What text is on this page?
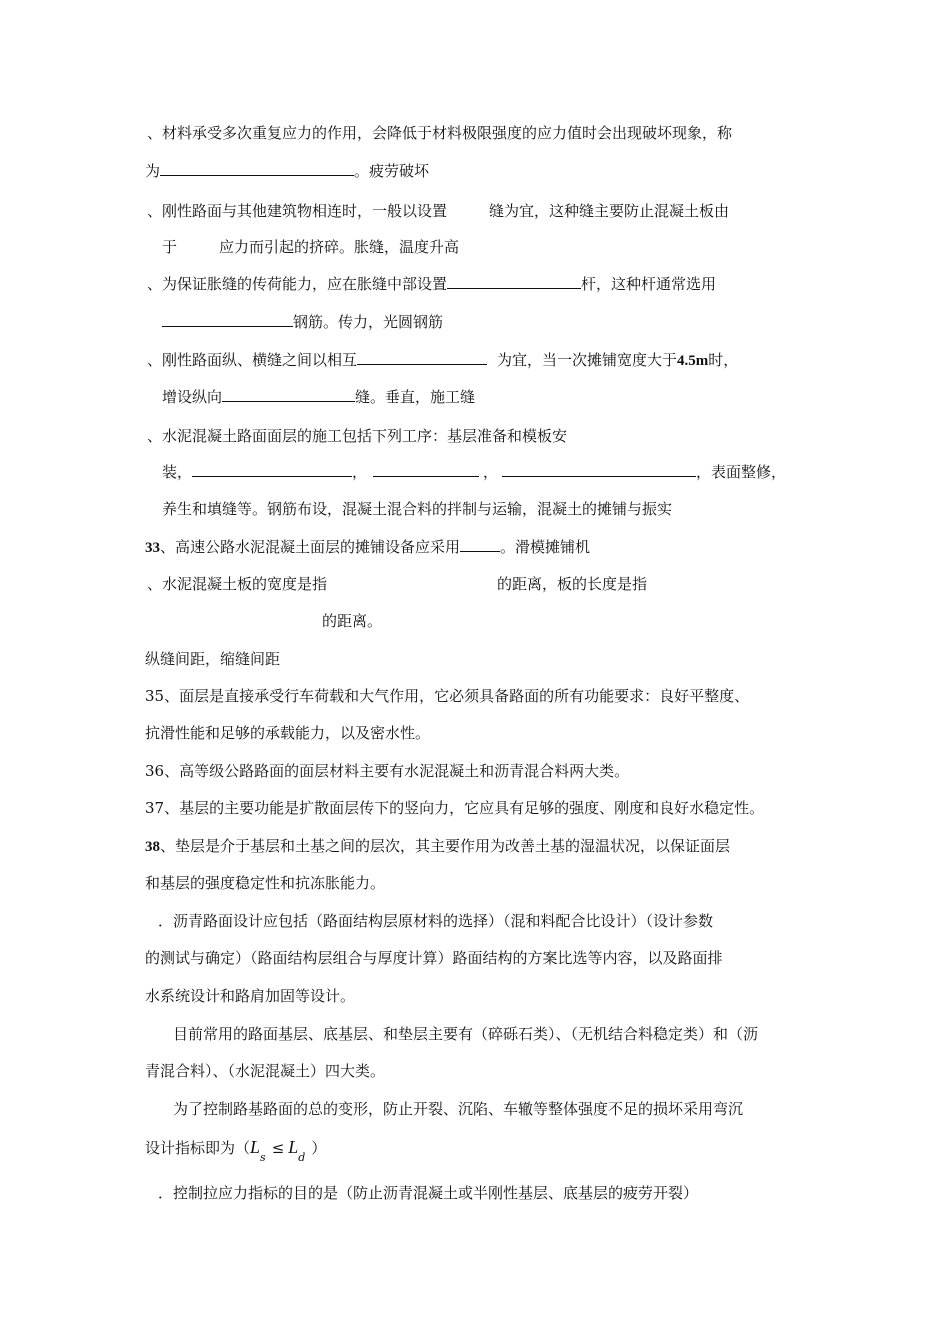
、材料承受多次重复应力的作用，会降低于材料极限强度的应力值时会出现破坏现象，称
为	。疲劳破坏
、刚性路面与其他建筑物相连时，一般以设置	缝为宜，这种缝主要防止混凝土板由
于	应力而引起的挤碎。胀缝，温度升高
、为保证胀缝的传荷能力，应在胀缝中部设置	杆，这种杆通常选用
钢筋。传力，光圆钢筋
、刚性路面纵、横缝之间以相互	为宜，当一次摊铺宽度大于4.5m时，
增设纵向	缝。垂直，施工缝
、水泥混凝土路面面层的施工包括下列工序：基层准备和模板安
装，	，	，	，表面整修，
养生和填缝等。钢筋布设，混凝土混合料的拌制与运输，混凝土的摊铺与振实
33、高速公路水泥混凝土面层的摊铺设备应采用	。滑模摊铺机
、水泥混凝土板的宽度是指	的距离，板的长度是指
的距离。
纵缝间距，缩缝间距
35、面层是直接承受行车荷载和大气作用，它必须具备路面的所有功能要求：良好平整度、
抗滑性能和足够的承载能力，以及密水性。
36、高等级公路路面的面层材料主要有水泥混凝土和沥青混合料两大类。
37、基层的主要功能是扩散面层传下的竖向力，它应具有足够的强度、刚度和良好水稳定性。
38、垫层是介于基层和土基之间的层次，其主要作用为改善土基的湿温状况，以保证面层
和基层的强度稳定性和抗冻胀能力。
．沥青路面设计应包括（路面结构层原材料的选择）（混和料配合比设计）（设计参数
的测试与确定）（路面结构层组合与厚度计算）路面结构的方案比选等内容，以及路面排
水系统设计和路肩加固等设计。
目前常用的路面基层、底基层、和垫层主要有（碎砾石类）、（无机结合料稳定类）和（沥
青混合料）、（水泥混凝土）四大类。
为了控制路基路面的总的变形，防止开裂、沉陷、车辙等整体强度不足的损坏采用弯沉
设计指标即为$(L_s\le L_d)$
．控制拉应力指标的目的是（防止沥青混凝土或半刚性基层、底基层的疲劳开裂）
